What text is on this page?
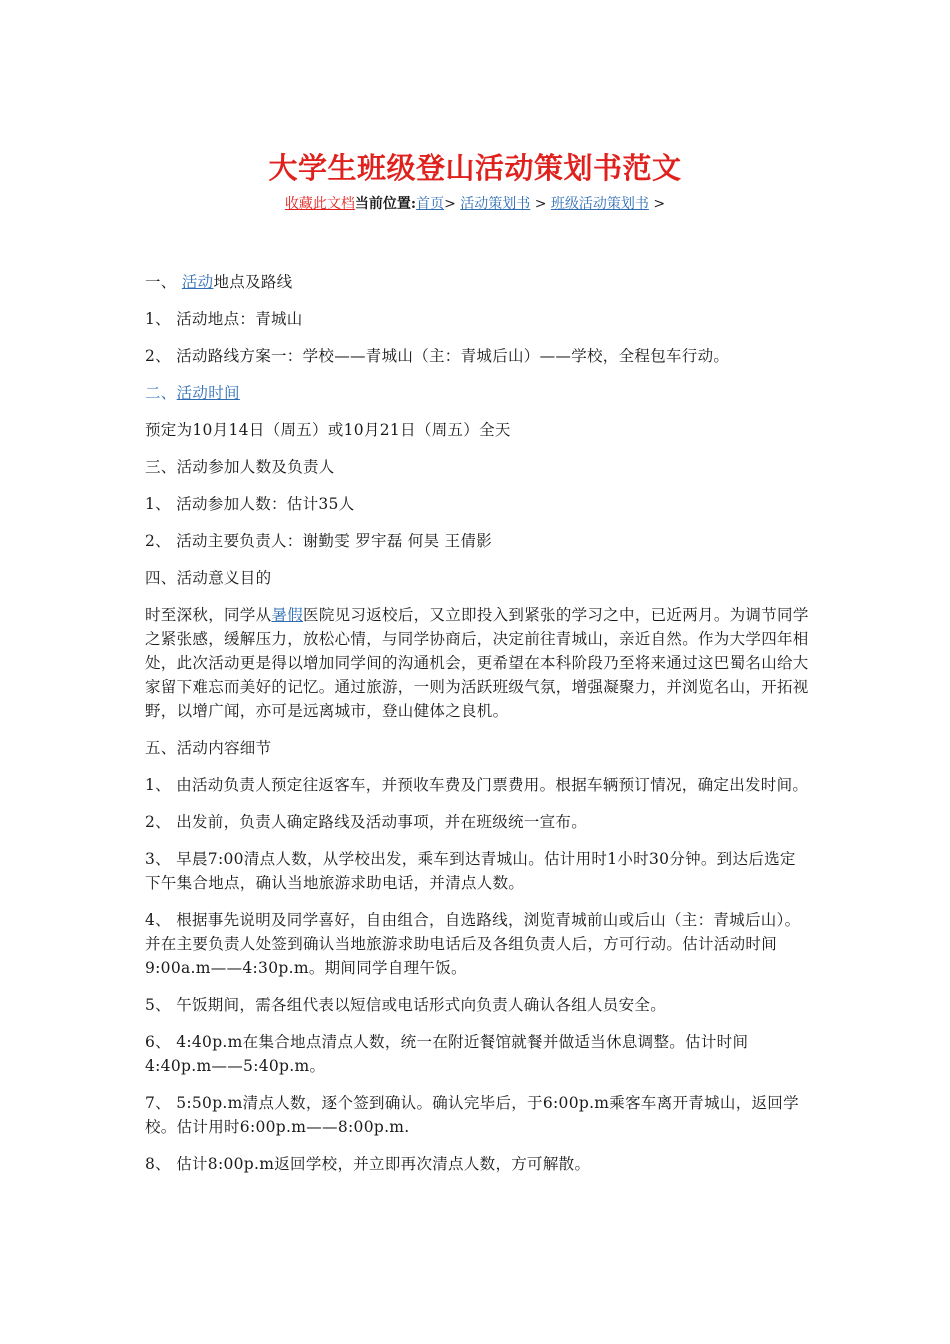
大学生班级登山活动策划书范文
收藏此文档当前位置:首页> 活动策划书 > 班级活动策划书 >

一、 活动地点及路线

1、 活动地点：青城山

2、 活动路线方案一：学校——青城山（主：青城后山）——学校，全程包车行动。

二、活动时间

预定为10月14日（周五）或10月21日（周五）全天

三、活动参加人数及负责人

1、 活动参加人数：估计35人

2、 活动主要负责人：谢勤雯 罗宇磊 何昊 王倩影

四、活动意义目的

时至深秋，同学从暑假医院见习返校后，又立即投入到紧张的学习之中，已近两月。为调节同学之紧张感，缓解压力，放松心情，与同学协商后，决定前往青城山，亲近自然。作为大学四年相处，此次活动更是得以增加同学间的沟通机会，更希望在本科阶段乃至将来通过这巴蜀名山给大家留下难忘而美好的记忆。通过旅游，一则为活跃班级气氛，增强凝聚力，并浏览名山，开拓视野，以增广闻，亦可是远离城市，登山健体之良机。

五、活动内容细节

1、 由活动负责人预定往返客车，并预收车费及门票费用。根据车辆预订情况，确定出发时间。

2、 出发前，负责人确定路线及活动事项，并在班级统一宣布。

3、 早晨7:00清点人数，从学校出发，乘车到达青城山。估计用时1小时30分钟。到达后选定下午集合地点，确认当地旅游求助电话，并清点人数。

4、 根据事先说明及同学喜好，自由组合，自选路线，浏览青城前山或后山（主：青城后山）。并在主要负责人处签到确认当地旅游求助电话后及各组负责人后，方可行动。估计活动时间9:00a.m——4:30p.m。期间同学自理午饭。

5、 午饭期间，需各组代表以短信或电话形式向负责人确认各组人员安全。

6、 4:40p.m在集合地点清点人数，统一在附近餐馆就餐并做适当休息调整。估计时间4:40p.m——5:40p.m。

7、 5:50p.m清点人数，逐个签到确认。确认完毕后，于6:00p.m乘客车离开青城山，返回学校。估计用时6:00p.m——8:00p.m.

8、 估计8:00p.m返回学校，并立即再次清点人数，方可解散。
